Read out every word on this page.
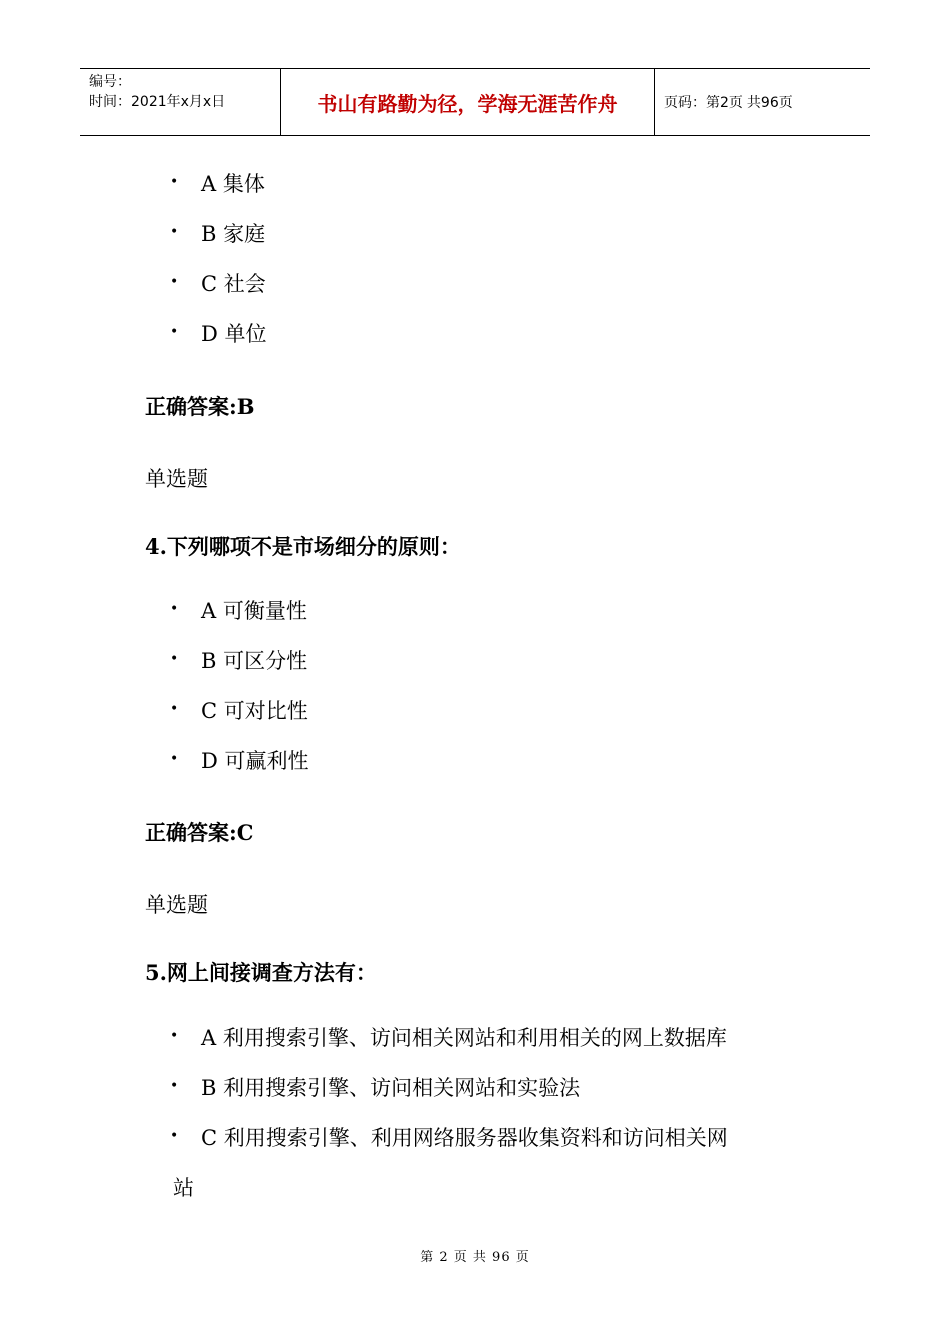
编号：
时间：2021年x月x日	书山有路勤为径，学海无涯苦作舟	页码：第2页 共96页
• A 集体
• B 家庭
• C 社会
• D 单位
正确答案:B
单选题
4.下列哪项不是市场细分的原则：
• A 可衡量性
• B 可区分性
• C 可对比性
• D 可赢利性
正确答案:C
单选题
5.网上间接调查方法有：
• A 利用搜索引擎、访问相关网站和利用相关的网上数据库
• B 利用搜索引擎、访问相关网站和实验法
• C 利用搜索引擎、利用网络服务器收集资料和访问相关网
站
第 2 页 共 96 页
